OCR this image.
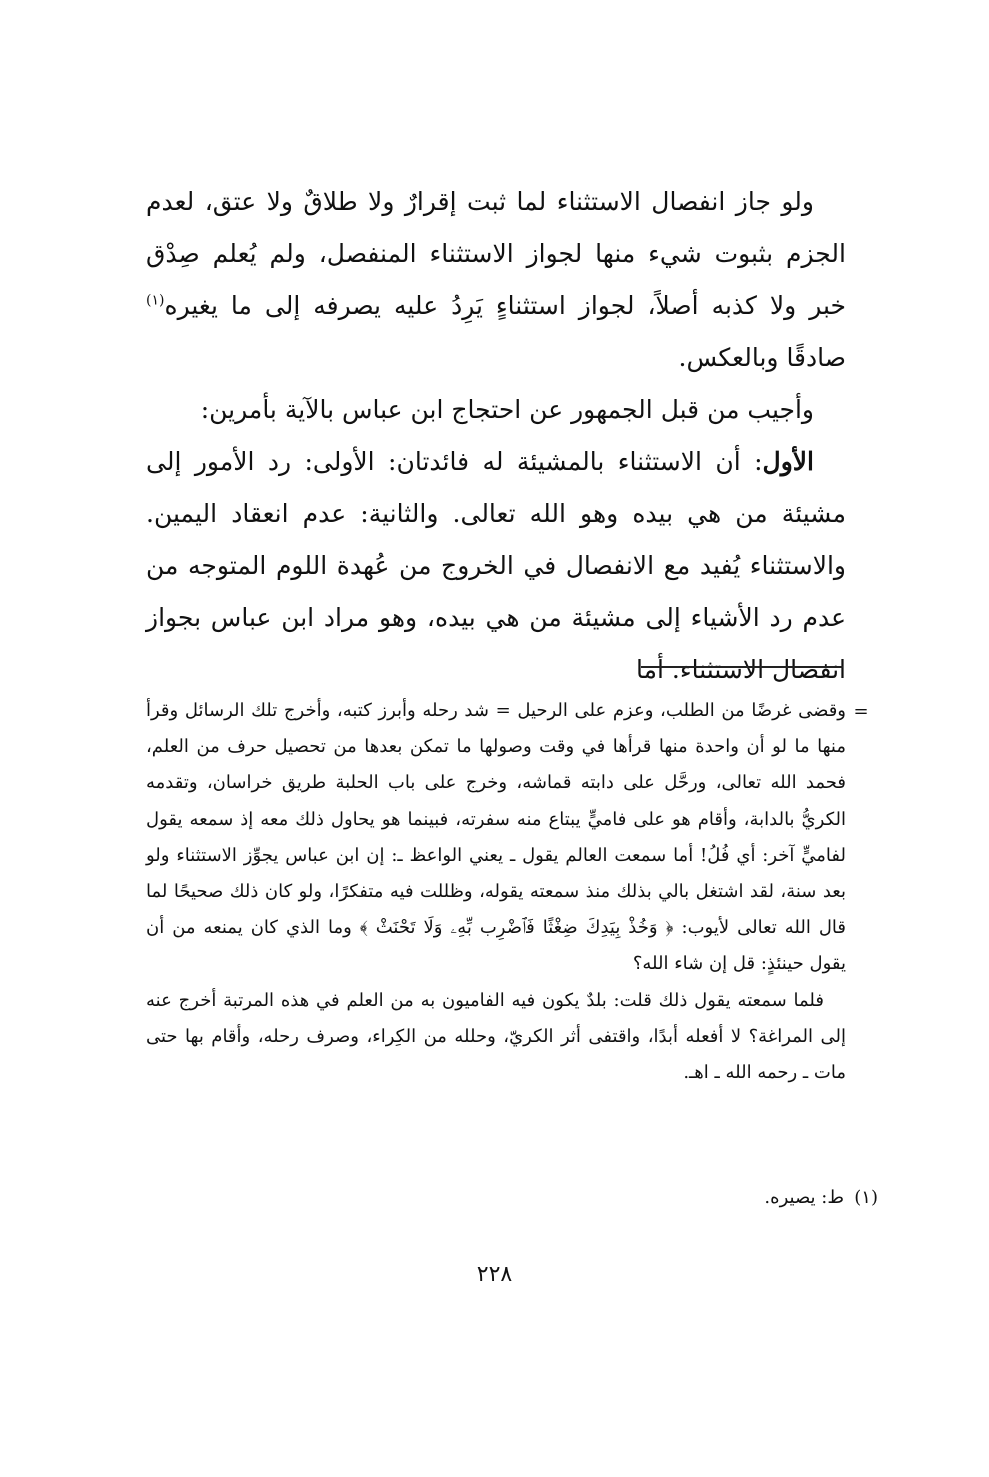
ولو جاز انفصال الاستثناء لما ثبت إقرارٌ ولا طلاقٌ ولا عتق، لعدم الجزم بثبوت شيء منها لجواز الاستثناء المنفصل، ولم يُعلم صِدْق خبر ولا كذبه أصلاً، لجواز استثناءٍ يَرِدُ عليه يصرفه إلى ما يغيره$^{(١)}$ صادقًا وبالعكس.

وأجيب من قبل الجمهور عن احتجاج ابن عباس بالآية بأمرين:

الأول: أن الاستثناء بالمشيئة له فائدتان: الأولى: رد الأمور إلى مشيئة من هي بيده وهو الله تعالى. والثانية: عدم انعقاد اليمين. والاستثناء يُفيد مع الانفصال في الخروج من عُهدة اللوم المتوجه من عدم رد الأشياء إلى مشيئة من هي بيده، وهو مراد ابن عباس بجواز انفصال الاستثناء. أما

=

وقضى غرضًا من الطلب، وعزم على الرحيل = شد رحله وأبرز كتبه، وأخرج تلك الرسائل وقرأ منها ما لو أن واحدة منها قرأها في وقت وصولها ما تمكن بعدها من تحصيل حرف من العلم، فحمد الله تعالى، ورحَّل على دابته قماشه، وخرج على باب الحلبة طريق خراسان، وتقدمه الكريُّ بالدابة، وأقام هو على فاميٍّ يبتاع منه سفرته، فبينما هو يحاول ذلك معه إذ سمعه يقول لفاميٍّ آخر: أي فُلُ! أما سمعت العالم يقول ـ يعني الواعظ ـ: إن ابن عباس يجوِّز الاستثناء ولو بعد سنة، لقد اشتغل بالي بذلك منذ سمعته يقوله، وظللت فيه متفكرًا، ولو كان ذلك صحيحًا لما قال الله تعالى لأيوب: ﴿ وَخُذْ بِيَدِكَ ضِغْثًا فَٱضْرِب بِّهِۦ وَلَا تَحْنَثْ ﴾ وما الذي كان يمنعه من أن يقول حينئذٍ: قل إن شاء الله؟

فلما سمعته يقول ذلك قلت: بلدٌ يكون فيه الفاميون به من العلم في هذه المرتبة أخرج عنه إلى المراغة؟ لا أفعله أبدًا، واقتفى أثر الكريّ، وحلله من الكِراء، وصرف رحله، وأقام بها حتى مات ـ رحمه الله ـ اهـ.

(١)
ط: يصيره.
٢٢٨
